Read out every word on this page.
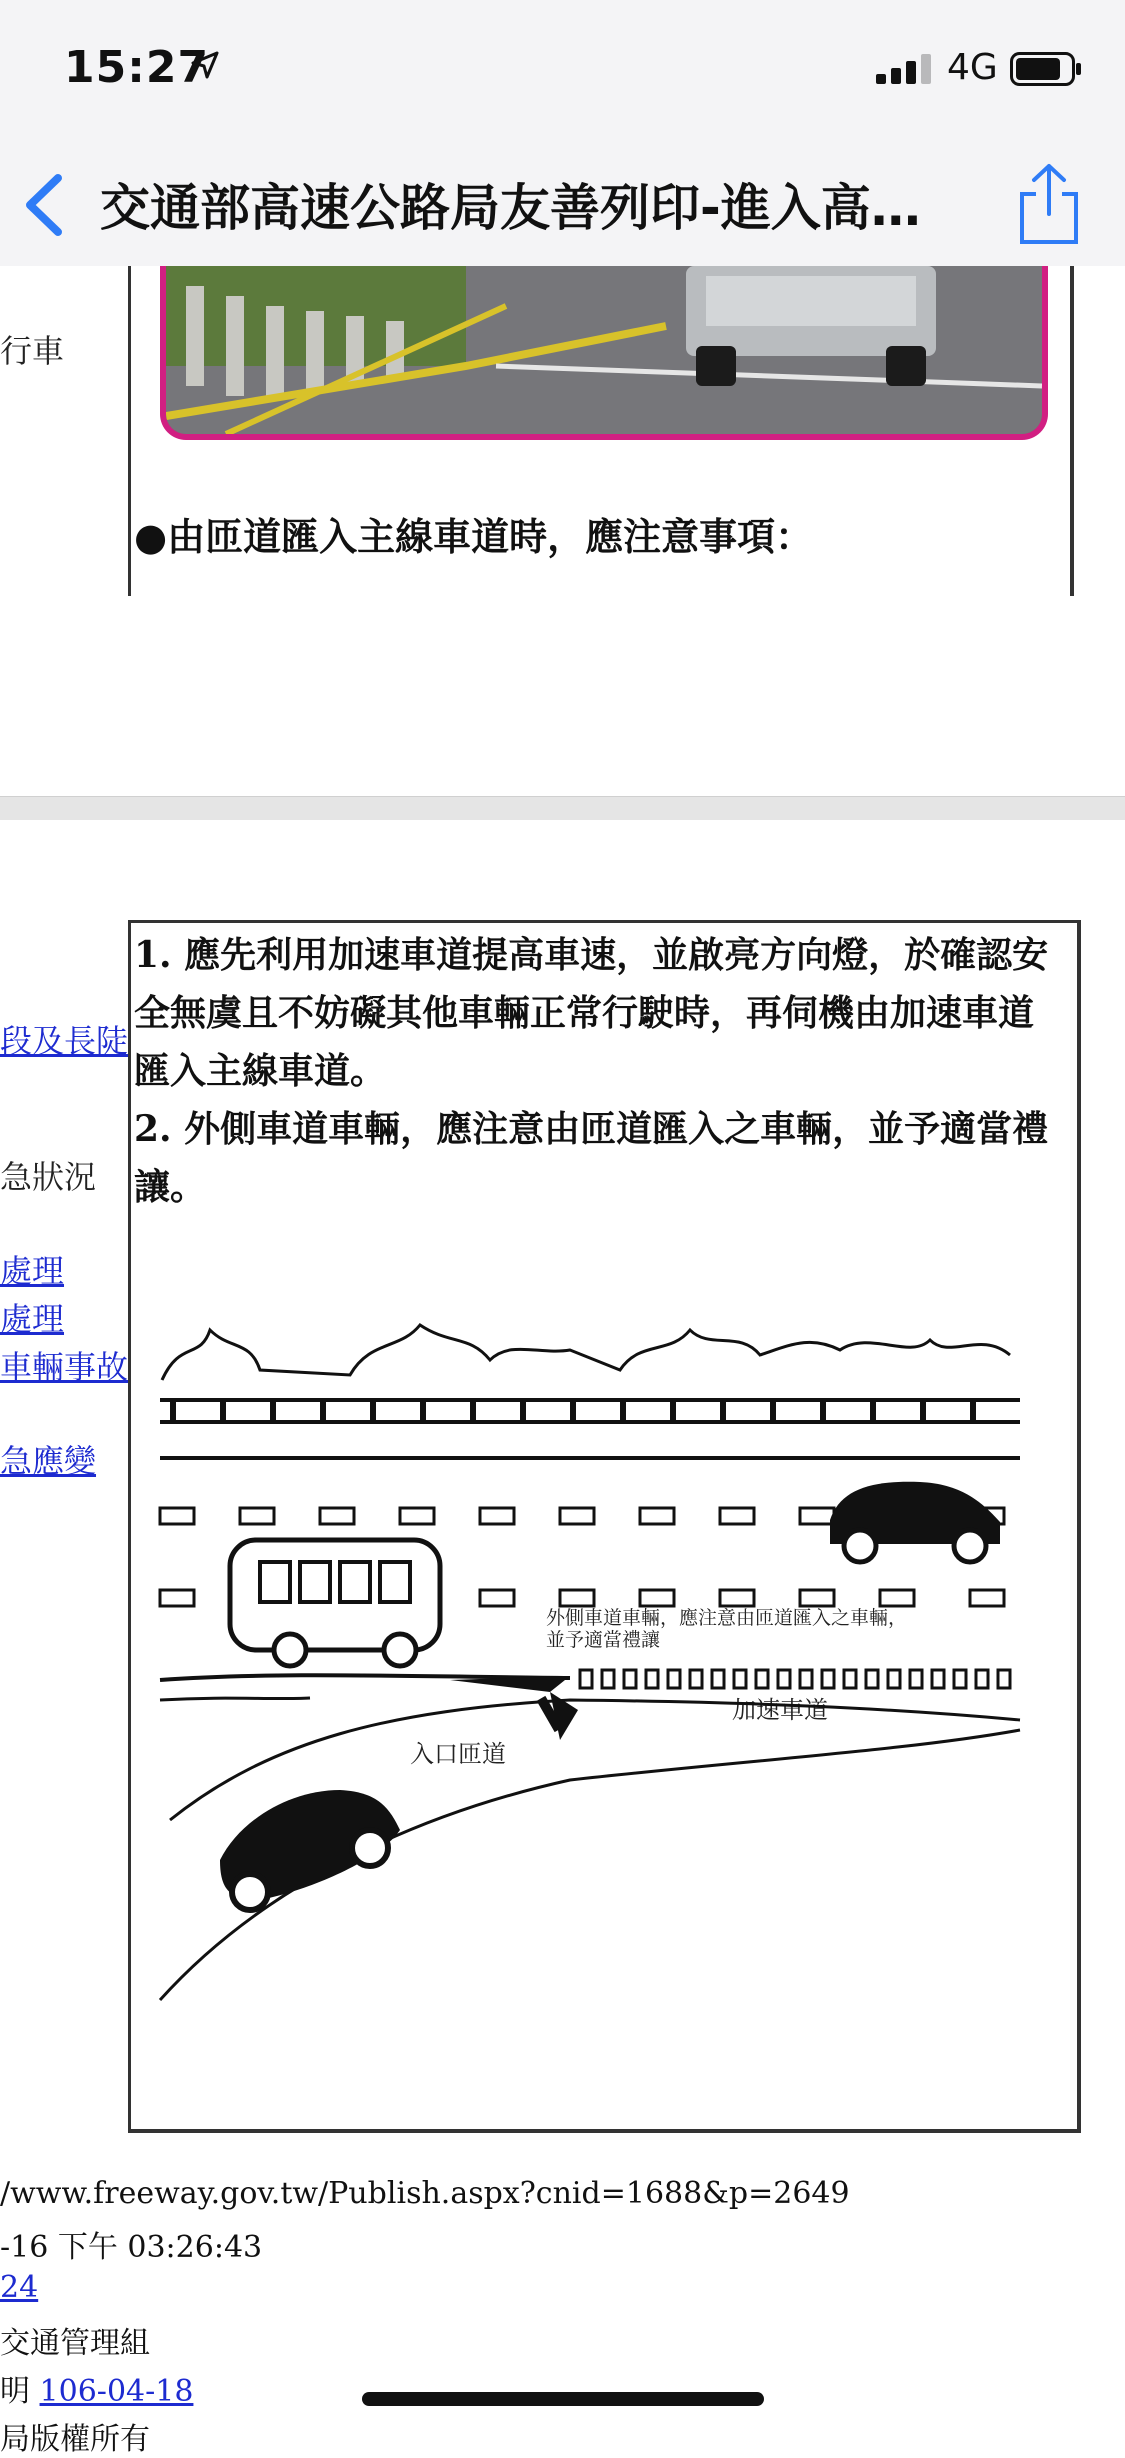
15:27	4G
交通部高速公路局友善列印-進入高…
行車
●由匝道匯入主線車道時，應注意事項：
段及長陡
急狀況
處理
處理
車輛事故
急應變
1. 應先利用加速車道提高車速，並啟亮方向燈，於確認安全無虞且不妨礙其他車輛正常行駛時，再伺機由加速車道匯入主線車道。
2. 外側車道車輛，應注意由匝道匯入之車輛，並予適當禮讓。
外側車道車輛，應注意由匝道匯入之車輛，
並予適當禮讓
加速車道
入口匝道
/www.freeway.gov.tw/Publish.aspx?cnid=1688&p=2649
-16 下午 03:26:43
24
交通管理組
明 106-04-18
局版權所有
